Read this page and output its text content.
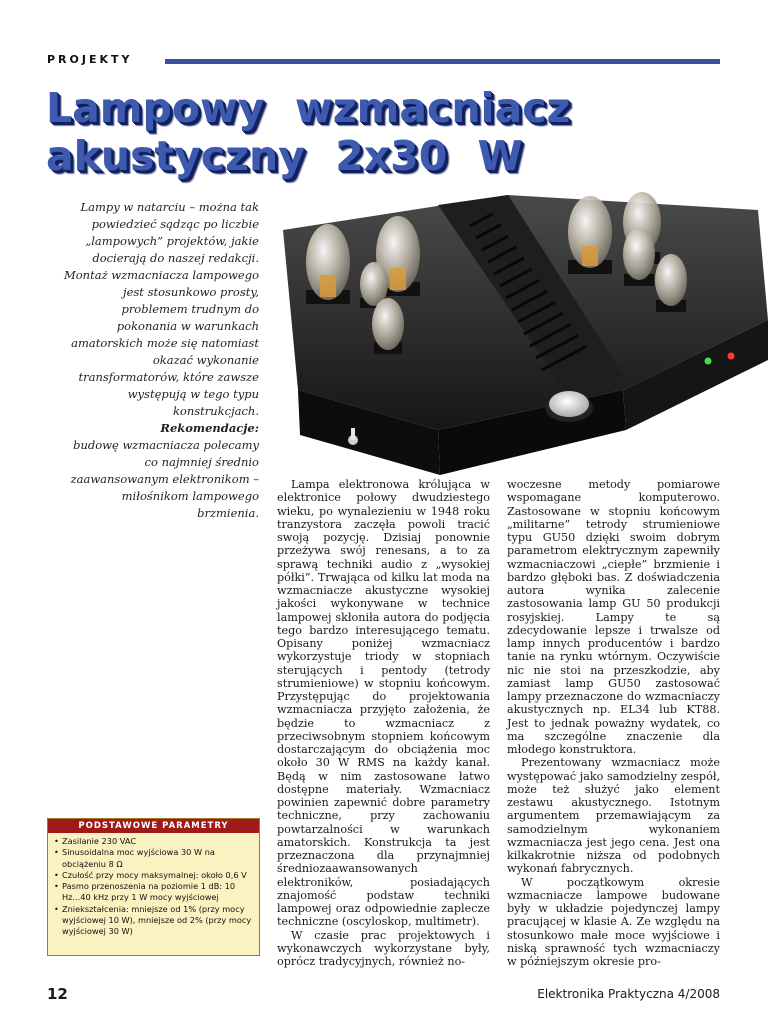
PROJEKTY
Lampowy wzmacniacz
akustyczny 2x30 W

Lampy w natarciu – można tak powiedzieć sądząc po liczbie „lampowych” projektów, jakie docierają do naszej redakcji. Montaż wzmacniacza lampowego jest stosunkowo prosty, problemem trudnym do pokonania w warunkach amatorskich może się natomiast okazać wykonanie transformatorów, które zawsze występują w tego typu konstrukcjach.

Rekomendacje:
budowę wzmacniacza polecamy co najmniej średnio zaawansowanym elektronikom – miłośnikom lampowego brzmienia.

PODSTAWOWE PARAMETRY
• Zasilanie 230 VAC
• Sinusoidalna moc wyjściowa 30 W na obciążeniu 8 Ω
• Czułość przy mocy maksymalnej: około 0,6 V
• Pasmo przenoszenia na poziomie 1 dB: 10 Hz...40 kHz przy 1 W mocy wyjściowej
• Zniekształcenia: mniejsze od 1% (przy mocy wyjściowej 10 W), mniejsze od 2% (przy mocy wyjściowej 30 W)

Lampa elektronowa królująca w elektronice połowy dwudziestego wieku, po wynalezieniu w 1948 roku tranzystora zaczęła powoli tracić swoją pozycję. Dzisiaj ponownie przeżywa swój renesans, a to za sprawą techniki audio z „wysokiej półki”. Trwająca od kilku lat moda na wzmacniacze akustyczne wysokiej jakości wykonywane w technice lampowej skłoniła autora do podjęcia tego bardzo interesującego tematu. Opisany poniżej wzmacniacz wykorzystuje triody w stopniach sterujących i pentody (tetrody strumieniowe) w stopniu końcowym. Przystępując do projektowania wzmacniacza przyjęto założenia, że będzie to wzmacniacz z przeciwsobnym stopniem końcowym dostarczającym do obciążenia moc około 30 W RMS na każdy kanał. Będą w nim zastosowane łatwo dostępne materiały. Wzmacniacz powinien zapewnić dobre parametry techniczne, przy zachowaniu powtarzalności w warunkach amatorskich. Konstrukcja ta jest przeznaczona dla przynajmniej średniozaawansowanych elektroników, posiadających znajomość podstaw techniki lampowej oraz odpowiednie zaplecze techniczne (oscyloskop, multimetr).

W czasie prac projektowych i wykonawczych wykorzystane były, oprócz tradycyjnych, również no-

woczesne metody pomiarowe wspomagane komputerowo. Zastosowane w stopniu końcowym „militarne” tetrody strumieniowe typu GU50 dzięki swoim dobrym parametrom elektrycznym zapewniły wzmacniaczowi „ciepłe” brzmienie i bardzo głęboki bas. Z doświadczenia autora wynika zalecenie zastosowania lamp GU 50 produkcji rosyjskiej. Lampy te są zdecydowanie lepsze i trwalsze od lamp innych producentów i bardzo tanie na rynku wtórnym. Oczywiście nic nie stoi na przeszkodzie, aby zamiast lamp GU50 zastosować lampy przeznaczone do wzmacniaczy akustycznych np. EL34 lub KT88. Jest to jednak poważny wydatek, co ma szczególne znaczenie dla młodego konstruktora.

Prezentowany wzmacniacz może występować jako samodzielny zespół, może też służyć jako element zestawu akustycznego. Istotnym argumentem przemawiającym za samodzielnym wykonaniem wzmacniacza jest jego cena. Jest ona kilkakrotnie niższa od podobnych wykonań fabrycznych.

W początkowym okresie wzmacniacze lampowe budowane były w układzie pojedynczej lampy pracującej w klasie A. Ze względu na stosunkowo małe moce wyjściowe i niską sprawność tych wzmacniaczy w późniejszym okresie pro-

12	Elektronika Praktyczna 4/2008
